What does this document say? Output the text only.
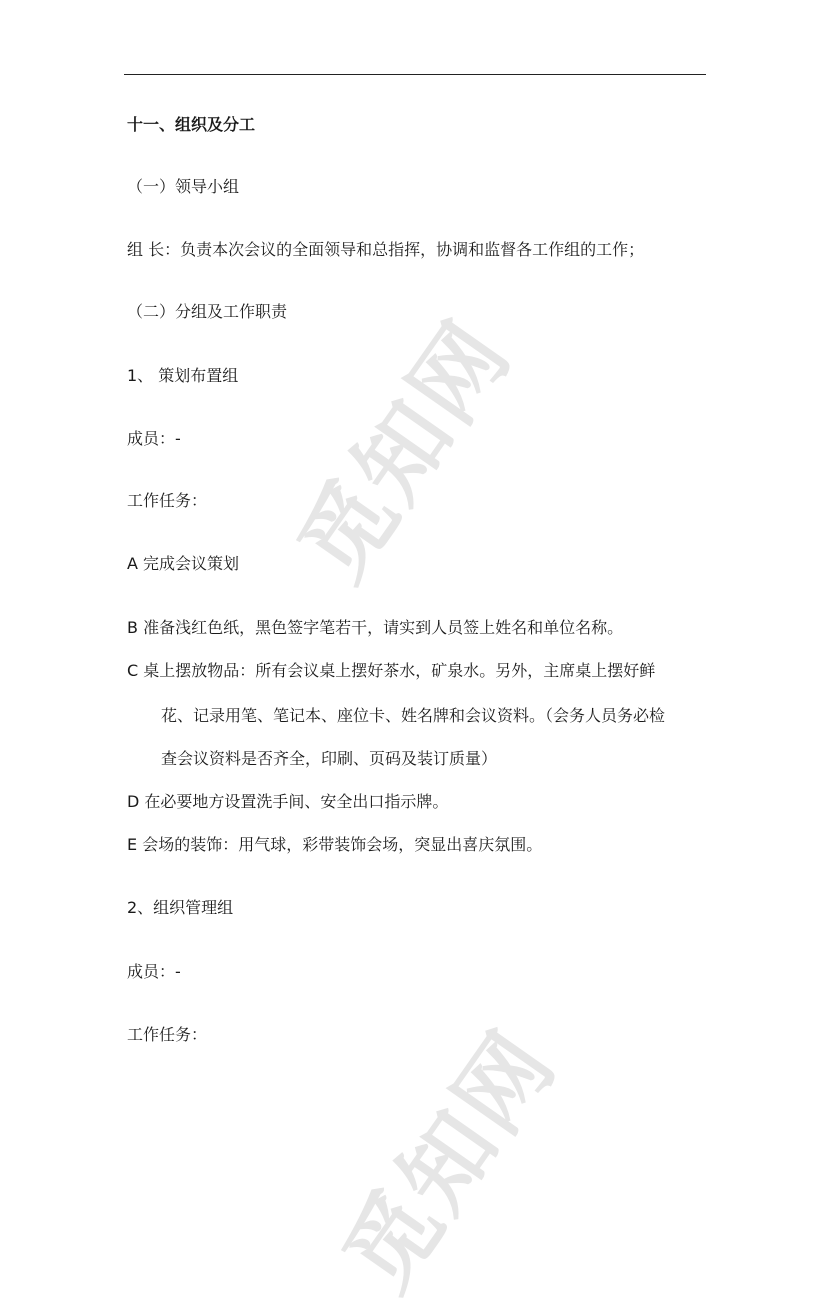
觅知网
觅知网
十一、组织及分工
（一）领导小组
组 长：负责本次会议的全面领导和总指挥，协调和监督各工作组的工作；
（二）分组及工作职责
1、 策划布置组
成员：-
工作任务：
A 完成会议策划
B 准备浅红色纸，黑色签字笔若干，请实到人员签上姓名和单位名称。
C 桌上摆放物品：所有会议桌上摆好茶水，矿泉水。另外，主席桌上摆好鲜
花、记录用笔、笔记本、座位卡、姓名牌和会议资料。（会务人员务必检
查会议资料是否齐全，印刷、页码及装订质量）
D 在必要地方设置洗手间、安全出口指示牌。
E 会场的装饰：用气球，彩带装饰会场，突显出喜庆氛围。
2、组织管理组
成员：-
工作任务：
